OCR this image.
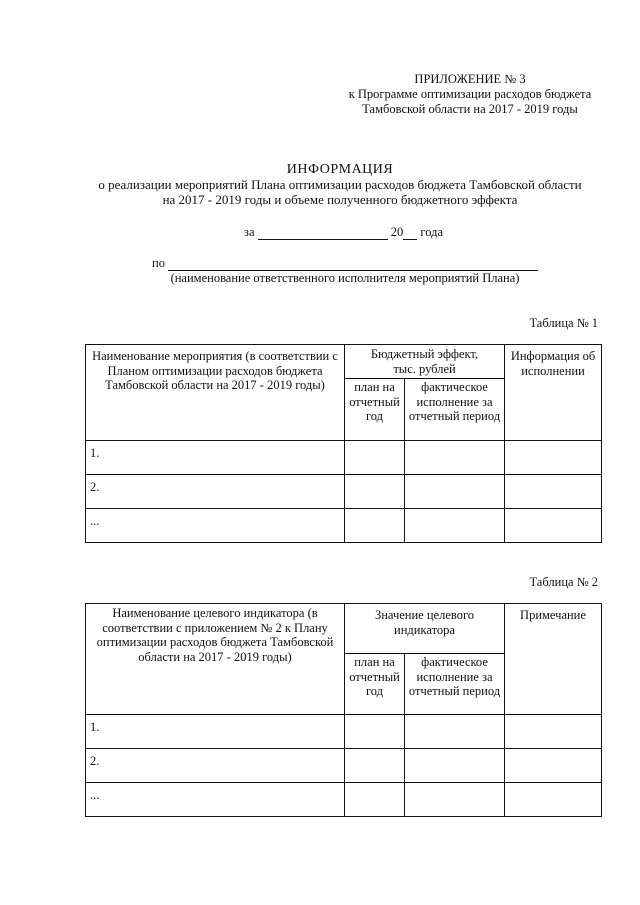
ПРИЛОЖЕНИЕ № 3
к Программе оптимизации расходов бюджета
Тамбовской области на 2017 - 2019 годы
ИНФОРМАЦИЯ
о реализации мероприятий Плана оптимизации расходов бюджета Тамбовской области
на 2017 - 2019 годы и объеме полученного бюджетного эффекта
за	20 года
по
(наименование ответственного исполнителя мероприятий Плана)
Таблица № 1
Наименование мероприятия (в соответствии с Планом оптимизации расходов бюджета Тамбовской области на 2017 - 2019 годы)	Бюджетный эффект, тыс. рублей		Информация об исполнении
	план на отчетный год	фактическое исполнение за отчетный период	
1.			
2.			
...			
Таблица № 2
Наименование целевого индикатора (в соответствии с приложением № 2 к Плану оптимизации расходов бюджета Тамбовской области на 2017 - 2019 годы)	Значение целевого индикатора		Примечание
	план на отчетный год	фактическое исполнение за отчетный период	
1.			
2.			
...			
